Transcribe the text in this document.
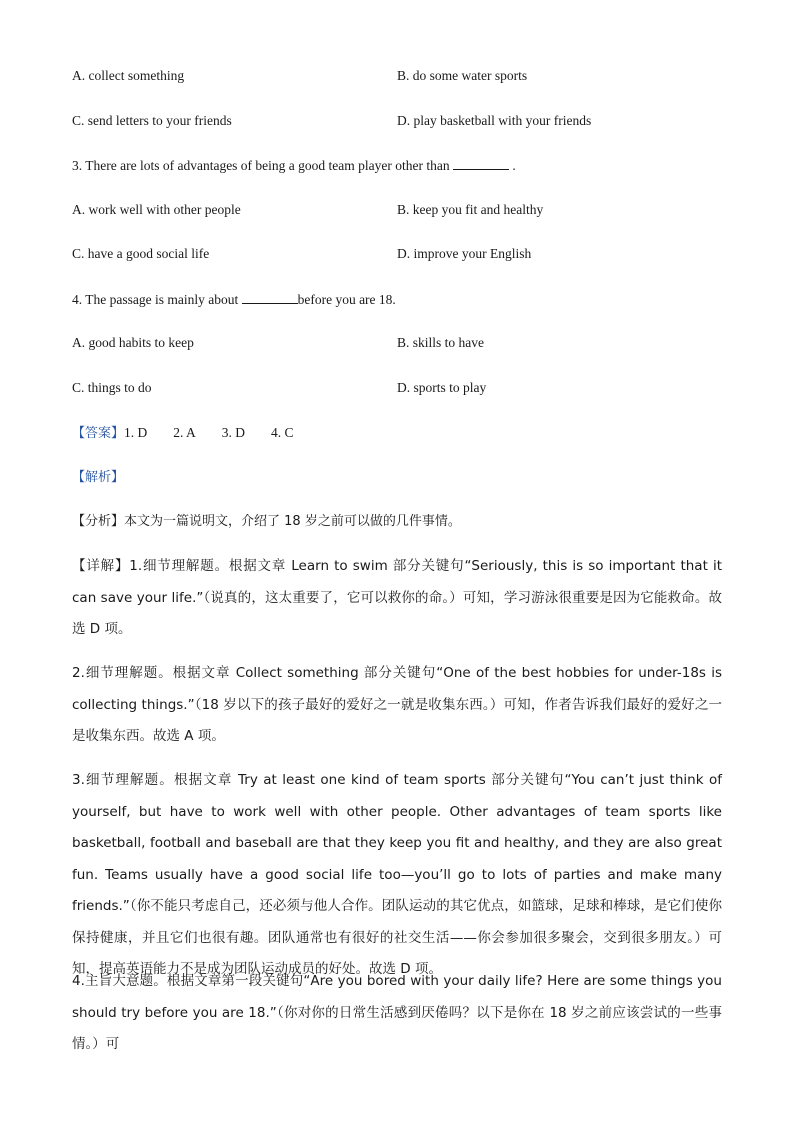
A. collect something	B. do some water sports
C. send letters to your friends	D. play basketball with your friends
3. There are lots of advantages of being a good team player other than	.
A. work well with other people	B. keep you fit and healthy
C. have a good social life	D. improve your English
4. The passage is mainly about	before you are 18.
A. good habits to keep	B. skills to have
C. things to do	D. sports to play
【答案】1. D 2. A 3. D 4. C
【解析】
【分析】本文为一篇说明文，介绍了 18 岁之前可以做的几件事情。

【详解】1.细节理解题。根据文章 Learn to swim 部分关键句“Seriously, this is so important that it can save your life.”（说真的，这太重要了，它可以救你的命。）可知，学习游泳很重要是因为它能救命。故选 D 项。

2.细节理解题。根据文章 Collect something 部分关键句“One of the best hobbies for under-18s is collecting things.”（18 岁以下的孩子最好的爱好之一就是收集东西。）可知，作者告诉我们最好的爱好之一是收集东西。故选 A 项。

3.细节理解题。根据文章 Try at least one kind of team sports 部分关键句“You can’t just think of yourself, but have to work well with other people. Other advantages of team sports like basketball, football and baseball are that they keep you fit and healthy, and they are also great fun. Teams usually have a good social life too—you’ll go to lots of parties and make many friends.”（你不能只考虑自己，还必须与他人合作。团队运动的其它优点，如篮球，足球和棒球，是它们使你保持健康，并且它们也很有趣。团队通常也有很好的社交生活——你会参加很多聚会，交到很多朋友。）可知，提高英语能力不是成为团队运动成员的好处。故选 D 项。

4.主旨大意题。根据文章第一段关键句“Are you bored with your daily life? Here are some things you should try before you are 18.”（你对你的日常生活感到厌倦吗？以下是你在 18 岁之前应该尝试的一些事情。）可
